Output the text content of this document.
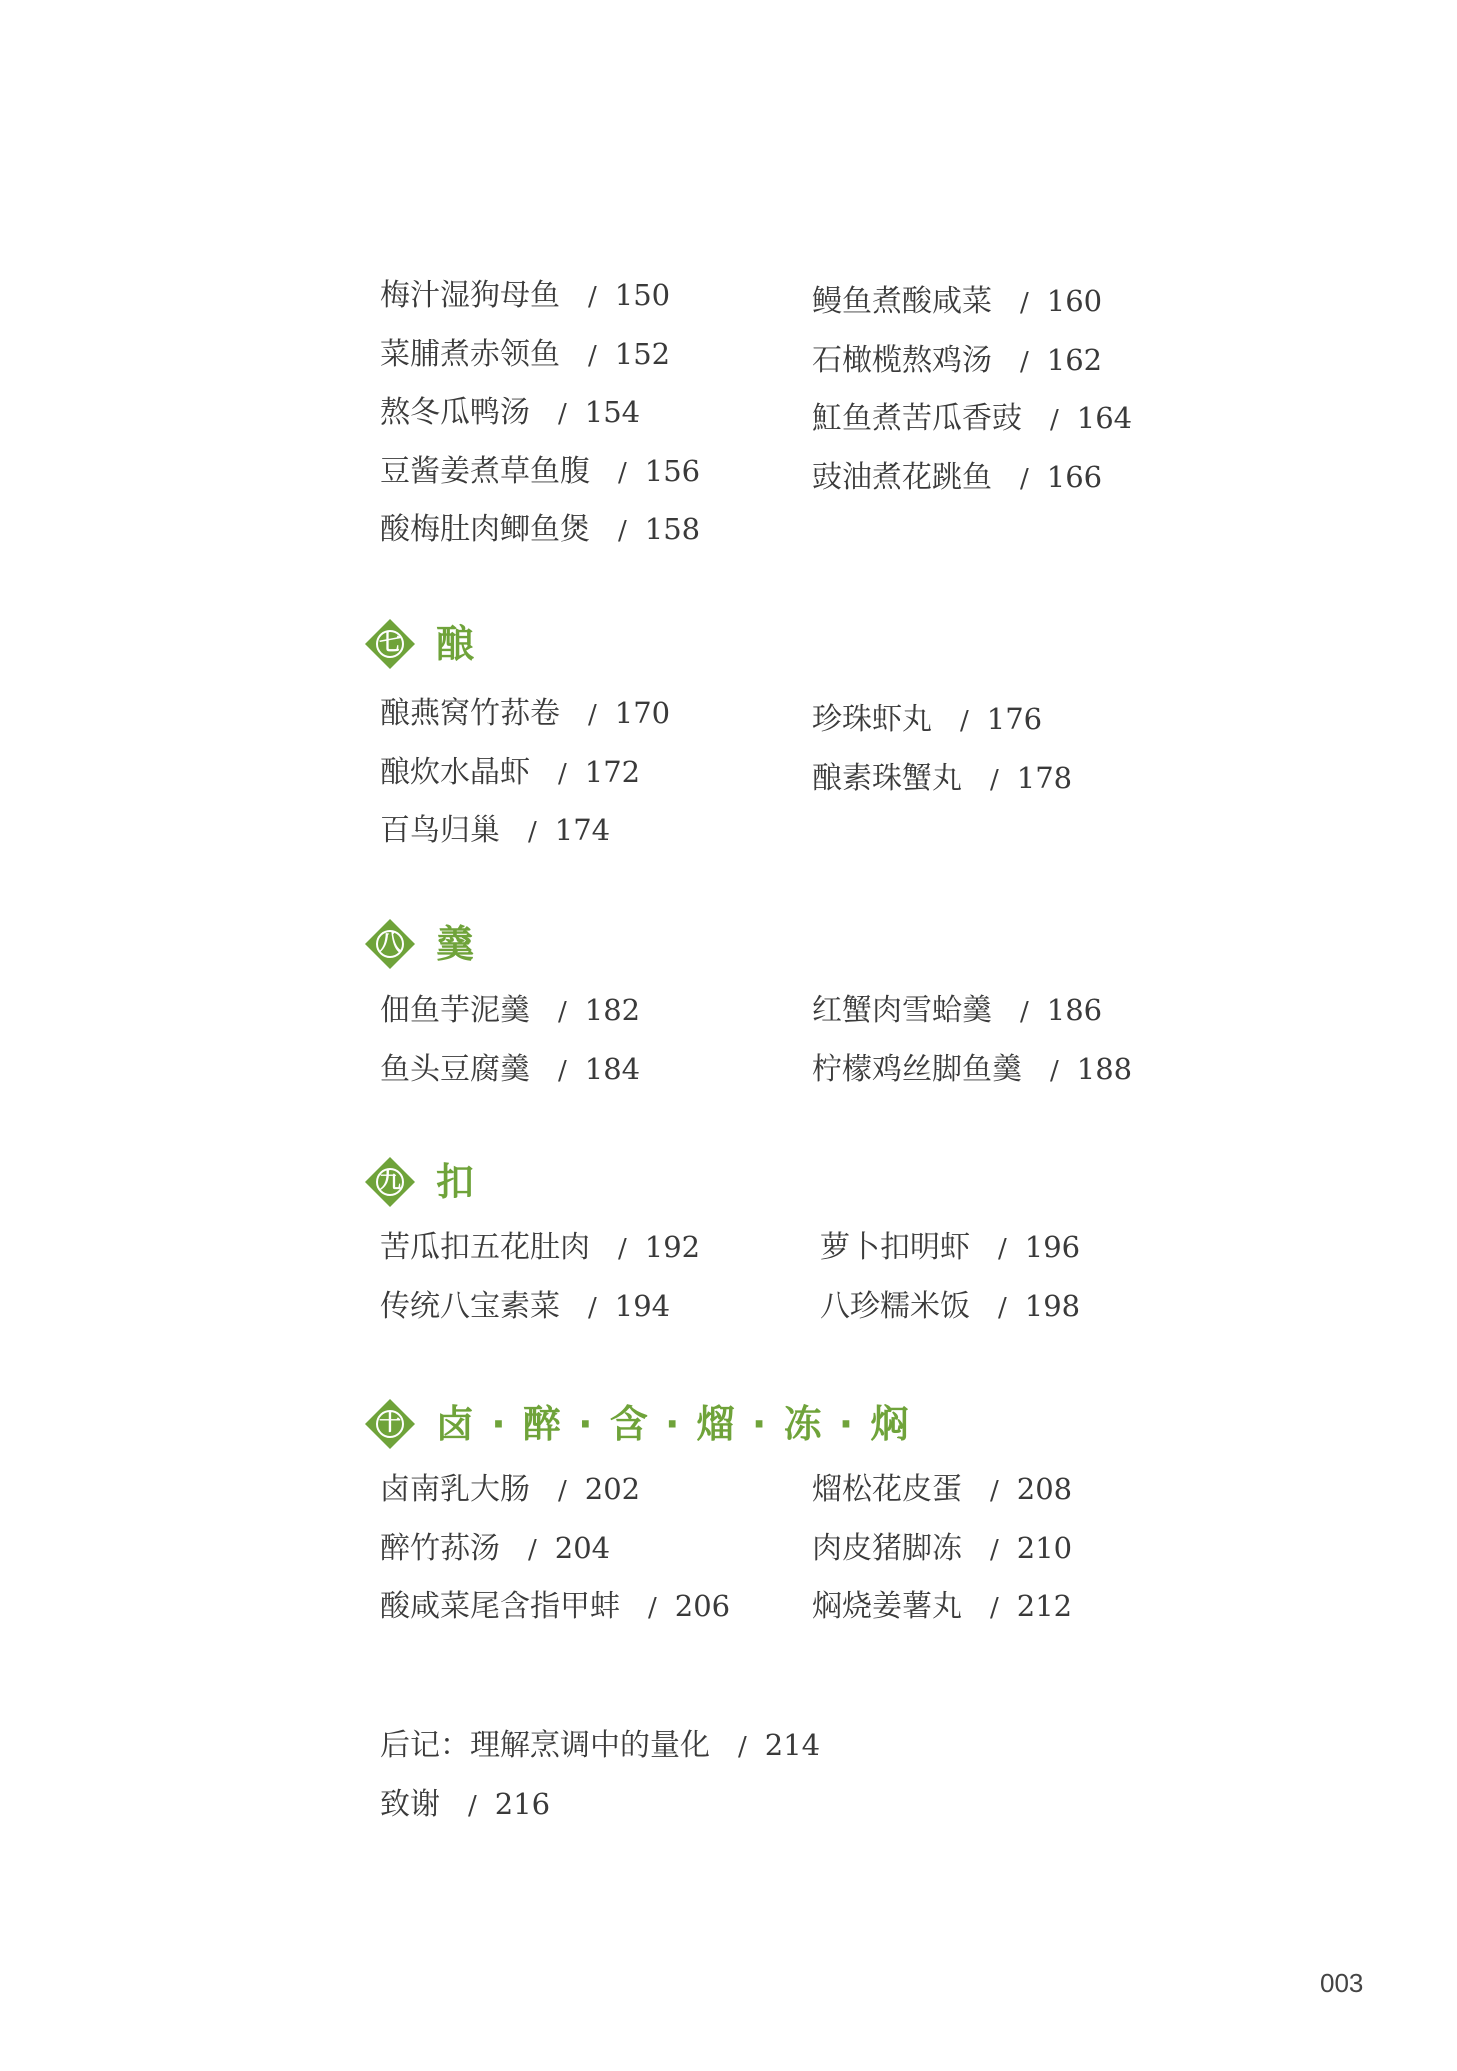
梅汁湿狗母鱼 / 150
菜脯煮赤领鱼 / 152
熬冬瓜鸭汤 / 154
豆酱姜煮草鱼腹 / 156
酸梅肚肉鲫鱼煲 / 158
鳗鱼煮酸咸菜 / 160
石橄榄熬鸡汤 / 162
魟鱼煮苦瓜香豉 / 164
豉油煮花跳鱼 / 166
七 酿
酿燕窝竹荪卷 / 170
酿炊水晶虾 / 172
百鸟归巢 / 174
珍珠虾丸 / 176
酿素珠蟹丸 / 178
八 羹
佃鱼芋泥羹 / 182
鱼头豆腐羹 / 184
红蟹肉雪蛤羹 / 186
柠檬鸡丝脚鱼羹 / 188
九 扣
苦瓜扣五花肚肉 / 192
传统八宝素菜 / 194
萝卜扣明虾 / 196
八珍糯米饭 / 198
十 卤 · 醉 · 含 · 熘 · 冻 · 焖
卤南乳大肠 / 202
醉竹荪汤 / 204
酸咸菜尾含指甲蚌 / 206
熘松花皮蛋 / 208
肉皮猪脚冻 / 210
焖烧姜薯丸 / 212
后记：理解烹调中的量化 / 214
致谢 / 216
003
